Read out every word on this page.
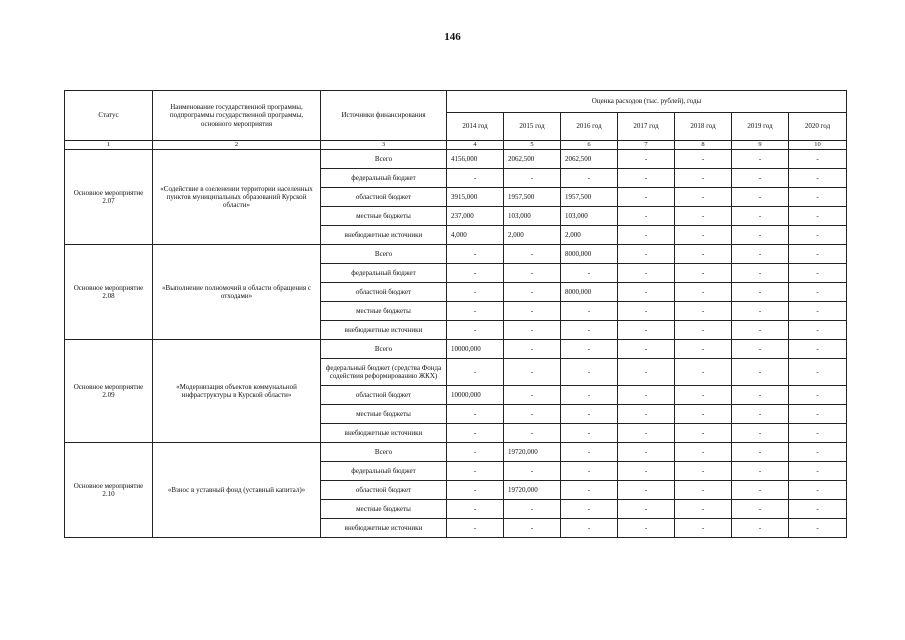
146
Статус	Наименование государственной программы, подпрограммы государственной программы, основного мероприятия	Источники финансирования	Оценка расходов (тыс. рублей), годы						
			2014 год	2015 год	2016 год	2017 год	2018 год	2019 год	2020 год
1	2	3	4	5	6	7	8	9	10
Основное мероприятие 2.07	«Содействие в озеленении территории населенных пунктов муниципальных образований Курской области»	Всего	4156,000	2062,500	2062,500	-	-	-	-
		федеральный бюджет	-	-	-	-	-	-	-
		областной бюджет	3915,000	1957,500	1957,500	-	-	-	-
		местные бюджеты	237,000	103,000	103,000	-	-	-	-
		внебюджетные источники	4,000	2,000	2,000	-	-	-	-
Основное мероприятие 2.08	«Выполнение полномочий в области обращения с отходами»	Всего	-	-	8000,000	-	-	-	-
		федеральный бюджет	-	-	-	-	-	-	-
		областной бюджет	-	-	8000,000	-	-	-	-
		местные бюджеты	-	-	-	-	-	-	-
		внебюджетные источники	-	-	-	-	-	-	-
Основное мероприятие 2.09	«Модернизация объектов коммунальной инфраструктуры в Курской области»	Всего	10000,000	-	-	-	-	-	-
		федеральный бюджет (средства Фонда содействия реформированию ЖКХ)	-	-	-	-	-	-	-
		областной бюджет	10000,000	-	-	-	-	-	-
		местные бюджеты	-	-	-	-	-	-	-
		внебюджетные источники	-	-	-	-	-	-	-
Основное мероприятие 2.10	«Взнос в уставный фонд (уставный капитал)»	Всего	-	19720,000	-	-	-	-	-
		федеральный бюджет	-	-	-	-	-	-	-
		областной бюджет	-	19720,000	-	-	-	-	-
		местные бюджеты	-	-	-	-	-	-	-
		внебюджетные источники	-	-	-	-	-	-	-
